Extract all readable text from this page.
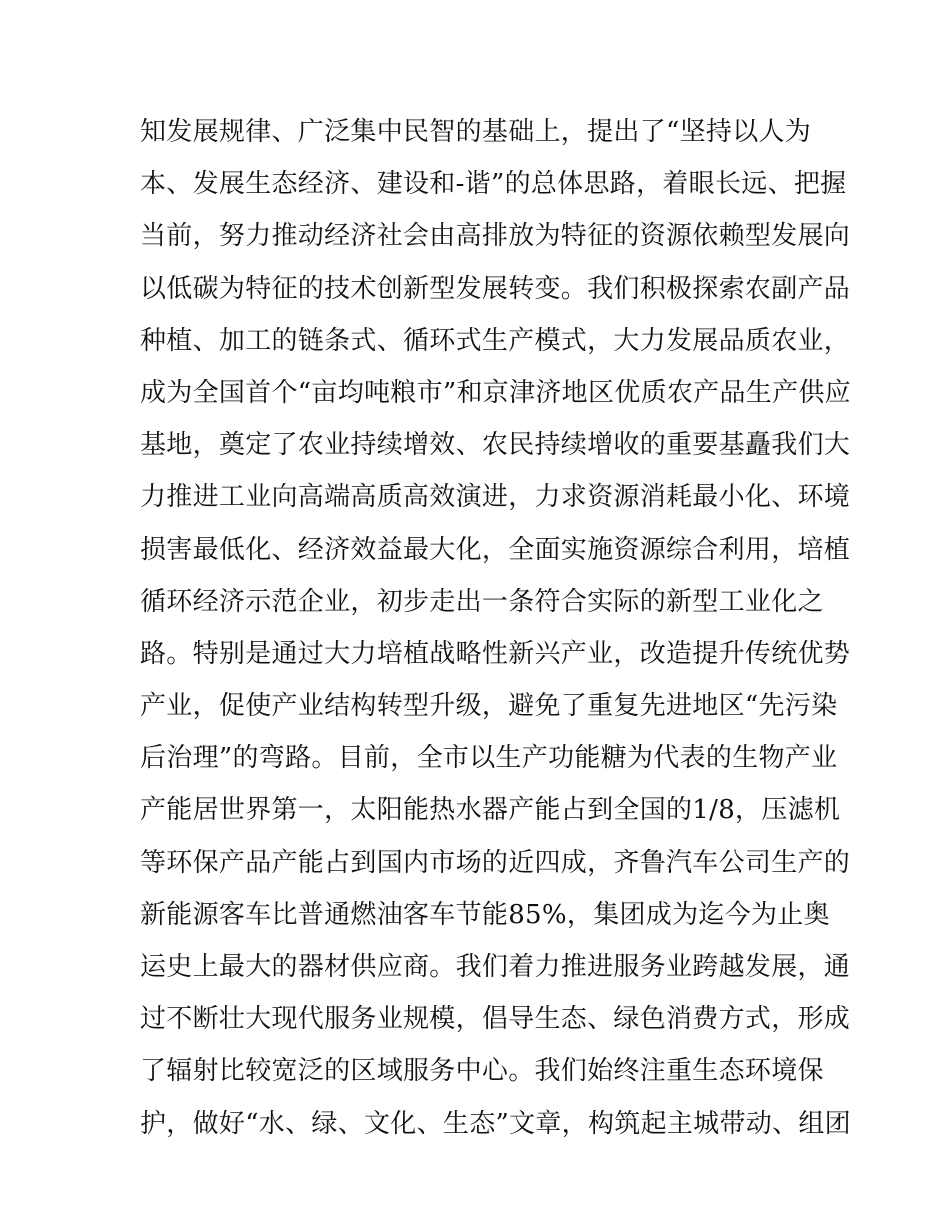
知发展规律、广泛集中民智的基础上，提出了“坚持以人为
本、发展生态经济、建设和-谐”的总体思路，着眼长远、把握
当前，努力推动经济社会由高排放为特征的资源依赖型发展向
以低碳为特征的技术创新型发展转变。我们积极探索农副产品
种植、加工的链条式、循环式生产模式，大力发展品质农业，
成为全国首个“亩均吨粮市”和京津济地区优质农产品生产供应
基地，奠定了农业持续增效、农民持续增收的重要基矗我们大
力推进工业向高端高质高效演进，力求资源消耗最小化、环境
损害最低化、经济效益最大化，全面实施资源综合利用，培植
循环经济示范企业，初步走出一条符合实际的新型工业化之
路。特别是通过大力培植战略性新兴产业，改造提升传统优势
产业，促使产业结构转型升级，避免了重复先进地区“先污染
后治理”的弯路。目前，全市以生产功能糖为代表的生物产业
产能居世界第一，太阳能热水器产能占到全国的1/8，压滤机
等环保产品产能占到国内市场的近四成，齐鲁汽车公司生产的
新能源客车比普通燃油客车节能85%，集团成为迄今为止奥
运史上最大的器材供应商。我们着力推进服务业跨越发展，通
过不断壮大现代服务业规模，倡导生态、绿色消费方式，形成
了辐射比较宽泛的区域服务中心。我们始终注重生态环境保
护，做好“水、绿、文化、生态”文章，构筑起主城带动、组团
